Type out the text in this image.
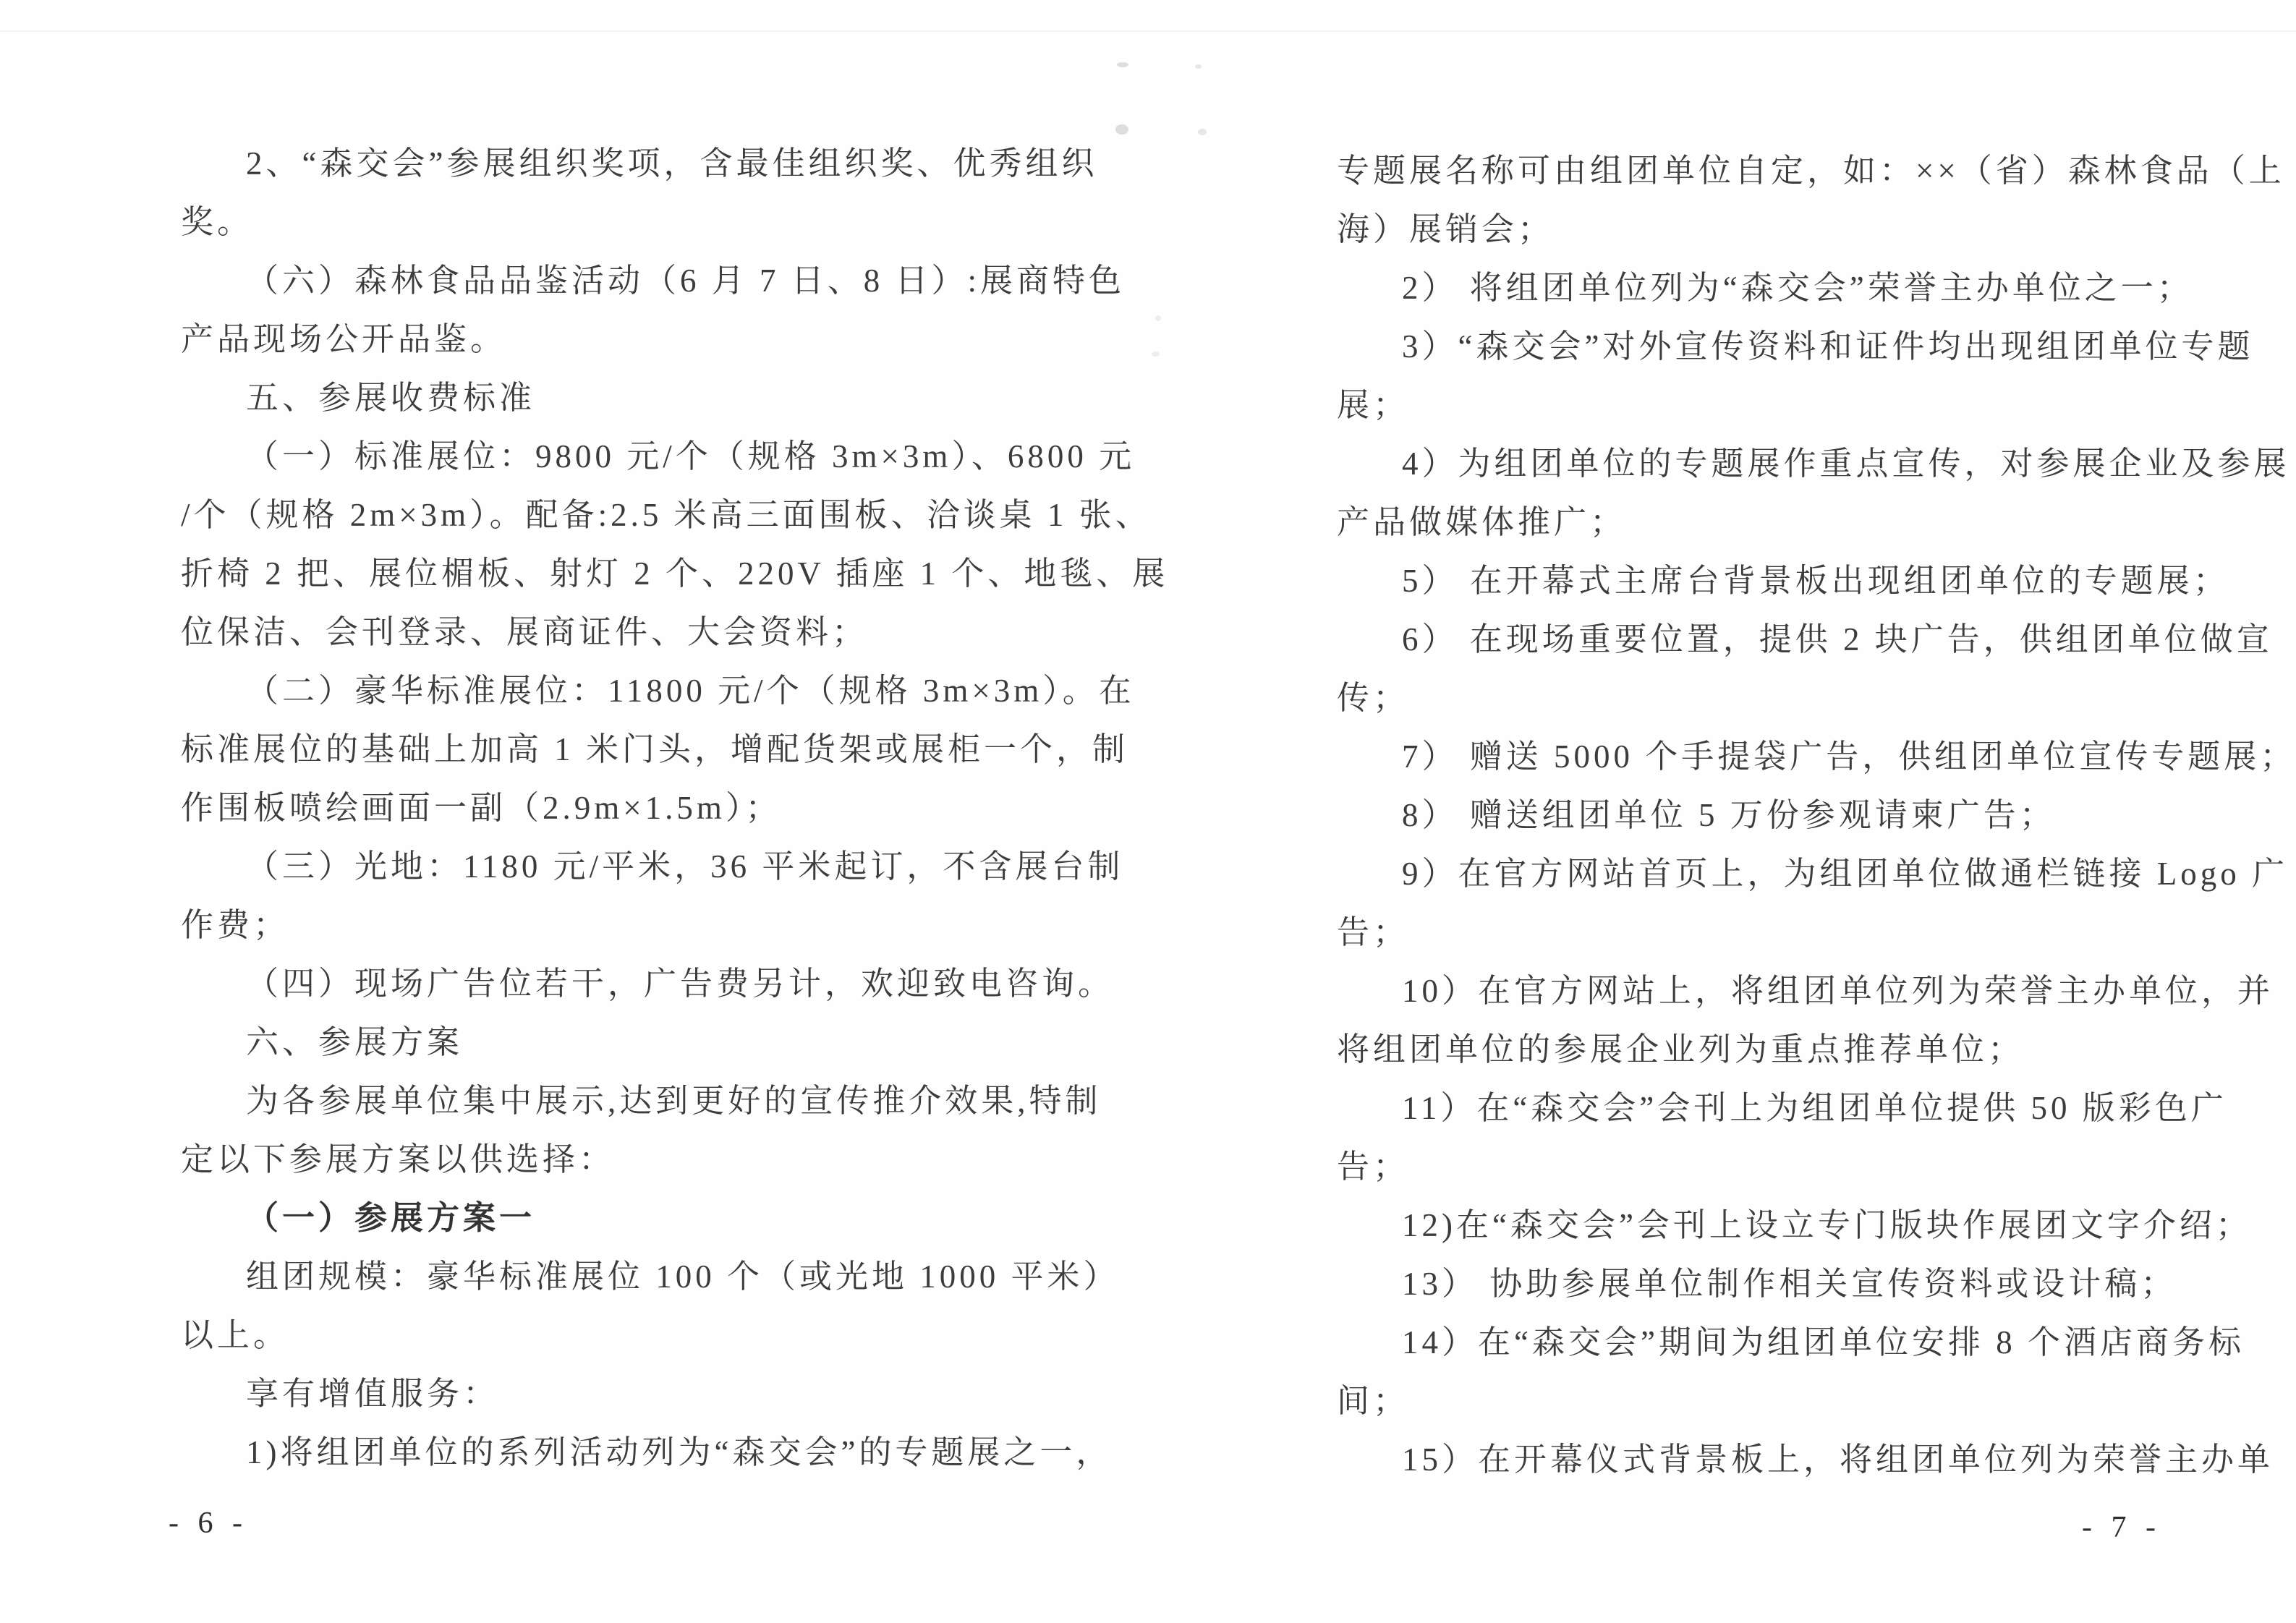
2、“森交会”参展组织奖项，含最佳组织奖、优秀组织
奖。
（六）森林食品品鉴活动（6 月 7 日、8 日）:展商特色
产品现场公开品鉴。
五、参展收费标准
（一）标准展位：9800 元/个（规格 3m×3m）、6800 元
/个（规格 2m×3m）。配备:2.5 米高三面围板、洽谈桌 1 张、
折椅 2 把、展位楣板、射灯 2 个、220V 插座 1 个、地毯、展
位保洁、会刊登录、展商证件、大会资料；
（二）豪华标准展位：11800 元/个（规格 3m×3m）。在
标准展位的基础上加高 1 米门头，增配货架或展柜一个，制
作围板喷绘画面一副（2.9m×1.5m）；
（三）光地：1180 元/平米，36 平米起订，不含展台制
作费；
（四）现场广告位若干，广告费另计，欢迎致电咨询。
六、参展方案
为各参展单位集中展示,达到更好的宣传推介效果,特制
定以下参展方案以供选择：
（一）参展方案一
组团规模：豪华标准展位 100 个（或光地 1000 平米）
以上。
享有增值服务：
1)将组团单位的系列活动列为“森交会”的专题展之一，
专题展名称可由组团单位自定，如：××（省）森林食品（上
海）展销会；
2） 将组团单位列为“森交会”荣誉主办单位之一；
3）“森交会”对外宣传资料和证件均出现组团单位专题
展；
4）为组团单位的专题展作重点宣传，对参展企业及参展
产品做媒体推广；
5） 在开幕式主席台背景板出现组团单位的专题展；
6） 在现场重要位置，提供 2 块广告，供组团单位做宣
传；
7） 赠送 5000 个手提袋广告，供组团单位宣传专题展；
8） 赠送组团单位 5 万份参观请柬广告；
9）在官方网站首页上，为组团单位做通栏链接 Logo 广
告；
10）在官方网站上，将组团单位列为荣誉主办单位，并
将组团单位的参展企业列为重点推荐单位；
11）在“森交会”会刊上为组团单位提供 50 版彩色广
告；
12)在“森交会”会刊上设立专门版块作展团文字介绍；
13） 协助参展单位制作相关宣传资料或设计稿；
14）在“森交会”期间为组团单位安排 8 个酒店商务标
间；
15）在开幕仪式背景板上，将组团单位列为荣誉主办单
- 6 -	- 7 -
